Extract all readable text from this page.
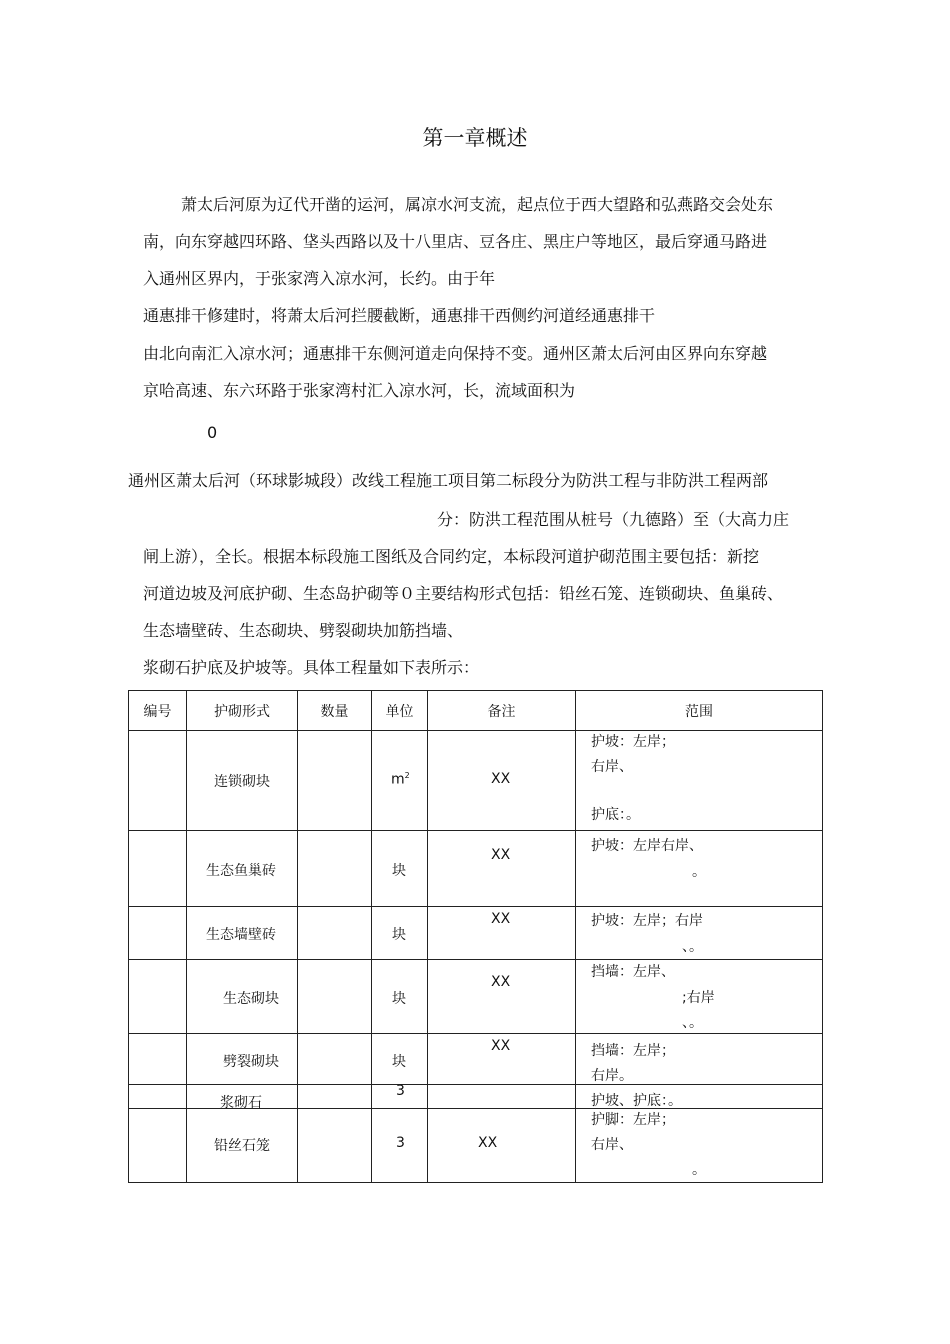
第一章概述
萧太后河原为辽代开凿的运河，属凉水河支流，起点位于西大望路和弘燕路交会处东
南，向东穿越四环路、垡头西路以及十八里店、豆各庄、黑庄户等地区，最后穿通马路进
入通州区界内，于张家湾入凉水河，长约。由于年
通惠排干修建时，将萧太后河拦腰截断，通惠排干西侧约河道经通惠排干
由北向南汇入凉水河；通惠排干东侧河道走向保持不变。通州区萧太后河由区界向东穿越
京哈高速、东六环路于张家湾村汇入凉水河，长，流域面积为
0
通州区萧太后河（环球影城段）改线工程施工项目第二标段分为防洪工程与非防洪工程两部
分：防洪工程范围从桩号（九德路）至（大高力庄
闸上游），全长。根据本标段施工图纸及合同约定，本标段河道护砌范围主要包括：新挖
河道边坡及河底护砌、生态岛护砌等０主要结构形式包括：铅丝石笼、连锁砌块、鱼巢砖、
生态墙壁砖、生态砌块、劈裂砌块加筋挡墙、
浆砌石护底及护坡等。具体工程量如下表所示：
编号	护砌形式	数量	单位	备注	范围

	连锁砌块		$m^2$	XX	护坡：左岸；
右岸、
护底：。

	生态鱼巢砖		块	XX	护坡：左岸右岸、
。

	生态墙壁砖		块	XX	护坡：左岸；右岸
、。

	生态砌块		块	XX	挡墙：左岸、
;右岸
、。

	劈裂砌块		块	XX	挡墙：左岸；
右岸。

	浆砌石		3		护坡、护底：。

	铅丝石笼		3	XX	护脚：左岸；
右岸、
。
